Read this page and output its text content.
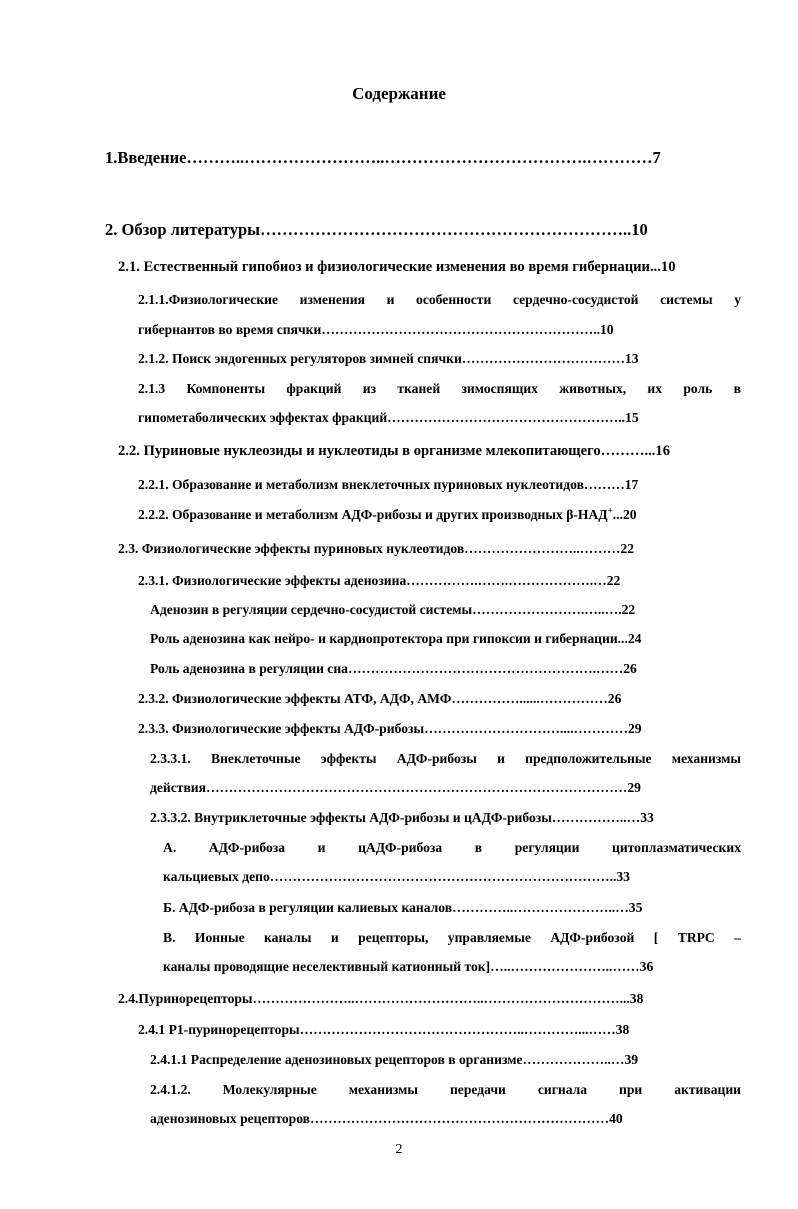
Содержание
1.Введение………..……………………..……………………………….…………7
2. Обзор литературы…………………………………………………………..10
2.1. Естественный гипобиоз и физиологические изменения во время гибернации...10
2.1.1.Физиологические изменения и особенности сердечно-сосудистой системы у
гибернантов во время спячки……………………………………………………..10
2.1.2. Поиск эндогенных регуляторов зимней спячки………………………………13
2.1.3 Компоненты фракций из тканей зимоспящих животных, их роль в
гипометаболических эффектах фракций……………………………………………..15
2.2. Пуриновые нуклеозиды и нуклеотиды в организме млекопитающего………...16
2.2.1. Образование и метаболизм внеклеточных пуриновых нуклеотидов………17
2.2.2. Образование и метаболизм АДФ-рибозы и других производных β-НАД+...20
2.3. Физиологические эффекты пуриновых нуклеотидов……………………..………22
2.3.1. Физиологические эффекты аденозина…………….…….……………….…22
Аденозин в регуляции сердечно-сосудистой системы…………………….…..….22
Роль аденозина как нейро- и кардиопротектора при гипоксии и гибернации...24
Роль аденозина в регуляции сна……………………………………………….……26
2.3.2. Физиологические эффекты АТФ, АДФ, АМФ……………......……………26
2.3.3. Физиологические эффекты АДФ-рибозы…………………………....…………29
2.3.3.1. Внеклеточные эффекты АДФ-рибозы и предположительные механизмы
действия…………………………………………………………………………………29
2.3.3.2. Внутриклеточные эффекты АДФ-рибозы и цАДФ-рибозы……………..…33
А. АДФ-рибоза и цАДФ-рибоза в регуляции цитоплазматических
кальциевых депо…………………………………………………………………..33
Б. АДФ-рибоза в регуляции калиевых каналов…………..…………………..…35
В. Ионные каналы и рецепторы, управляемые АДФ-рибозой [ TRPC –
каналы проводящие неселективный катионный ток]…..…………………..……36
2.4.Пуринорецепторы…………………..………………………..…………………………...38
2.4.1 P1-пуринорецепторы…………………………………………..…………...……38
2.4.1.1 Распределение аденозиновых рецепторов в организме………………..…39
2.4.1.2. Молекулярные механизмы передачи сигнала при активации
аденозиновых рецепторов…………………………………………………………40
2
